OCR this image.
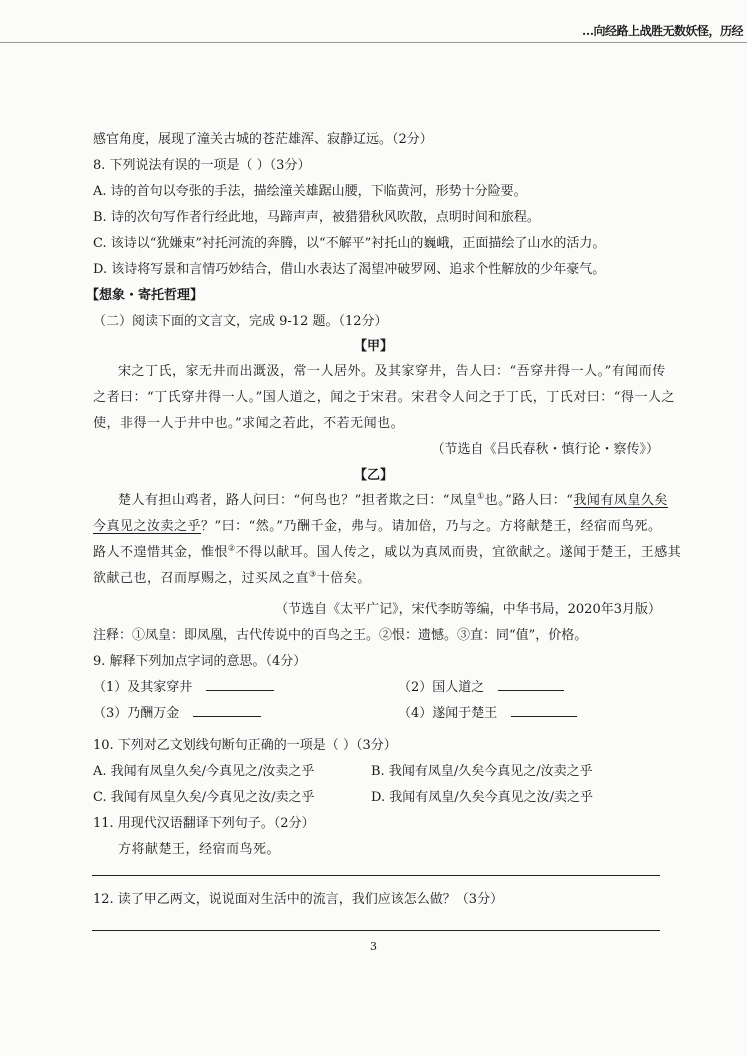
…向经路上战胜无数妖怪，历经
感官角度，展现了潼关古城的苍茫雄浑、寂静辽远。（2分）
8. 下列说法有误的一项是（ ）（3分）
A. 诗的首句以夸张的手法，描绘潼关雄踞山腰，下临黄河，形势十分险要。
B. 诗的次句写作者行经此地，马蹄声声，被猎猎秋风吹散，点明时间和旅程。
C. 该诗以“犹嫌束”衬托河流的奔腾，以“不解平”衬托山的巍峨，正面描绘了山水的活力。
D. 该诗将写景和言情巧妙结合，借山水表达了渴望冲破罗网、追求个性解放的少年豪气。
【想象・寄托哲理】
（二）阅读下面的文言文，完成 9-12 题。（12分）
【甲】
宋之丁氏，家无井而出溉汲，常一人居外。及其家穿井，告人曰：“吾穿井得一人。”有闻而传
之者曰：“丁氏穿井得一人。”国人道之，闻之于宋君。宋君令人问之于丁氏，丁氏对曰：“得一人之
使，非得一人于井中也。”求闻之若此，不若无闻也。
（节选自《吕氏春秋・慎行论・察传》）
【乙】
楚人有担山鸡者，路人问曰：“何鸟也？”担者欺之曰：“凤皇①也。”路人曰：“我闻有凤皇久矣
今真见之汝卖之乎？”曰：“然。”乃酬千金，弗与。请加倍，乃与之。方将献楚王，经宿而鸟死。
路人不遑惜其金，惟恨②不得以献耳。国人传之，咸以为真凤而贵，宜欲献之。遂闻于楚王，王感其
欲献己也，召而厚赐之，过买凤之直③十倍矣。
（节选自《太平广记》，宋代李昉等编，中华书局，2020年3月版）
注释：①凤皇：即凤凰，古代传说中的百鸟之王。②恨：遗憾。③直：同“值”，价格。
9. 解释下列加点字词的意思。（4分）
（1）及其家穿井	（2）国人道之
（3）乃酬万金	（4）遂闻于楚王
10. 下列对乙文划线句断句正确的一项是（ ）（3分）
A. 我闻有凤皇久矣/今真见之/汝卖之乎	B. 我闻有凤皇/久矣今真见之/汝卖之乎
C. 我闻有凤皇久矣/今真见之汝/卖之乎	D. 我闻有凤皇/久矣今真见之汝/卖之乎
11. 用现代汉语翻译下列句子。（2分）
方将献楚王，经宿而鸟死。
12. 读了甲乙两文，说说面对生活中的流言，我们应该怎么做？（3分）
3
